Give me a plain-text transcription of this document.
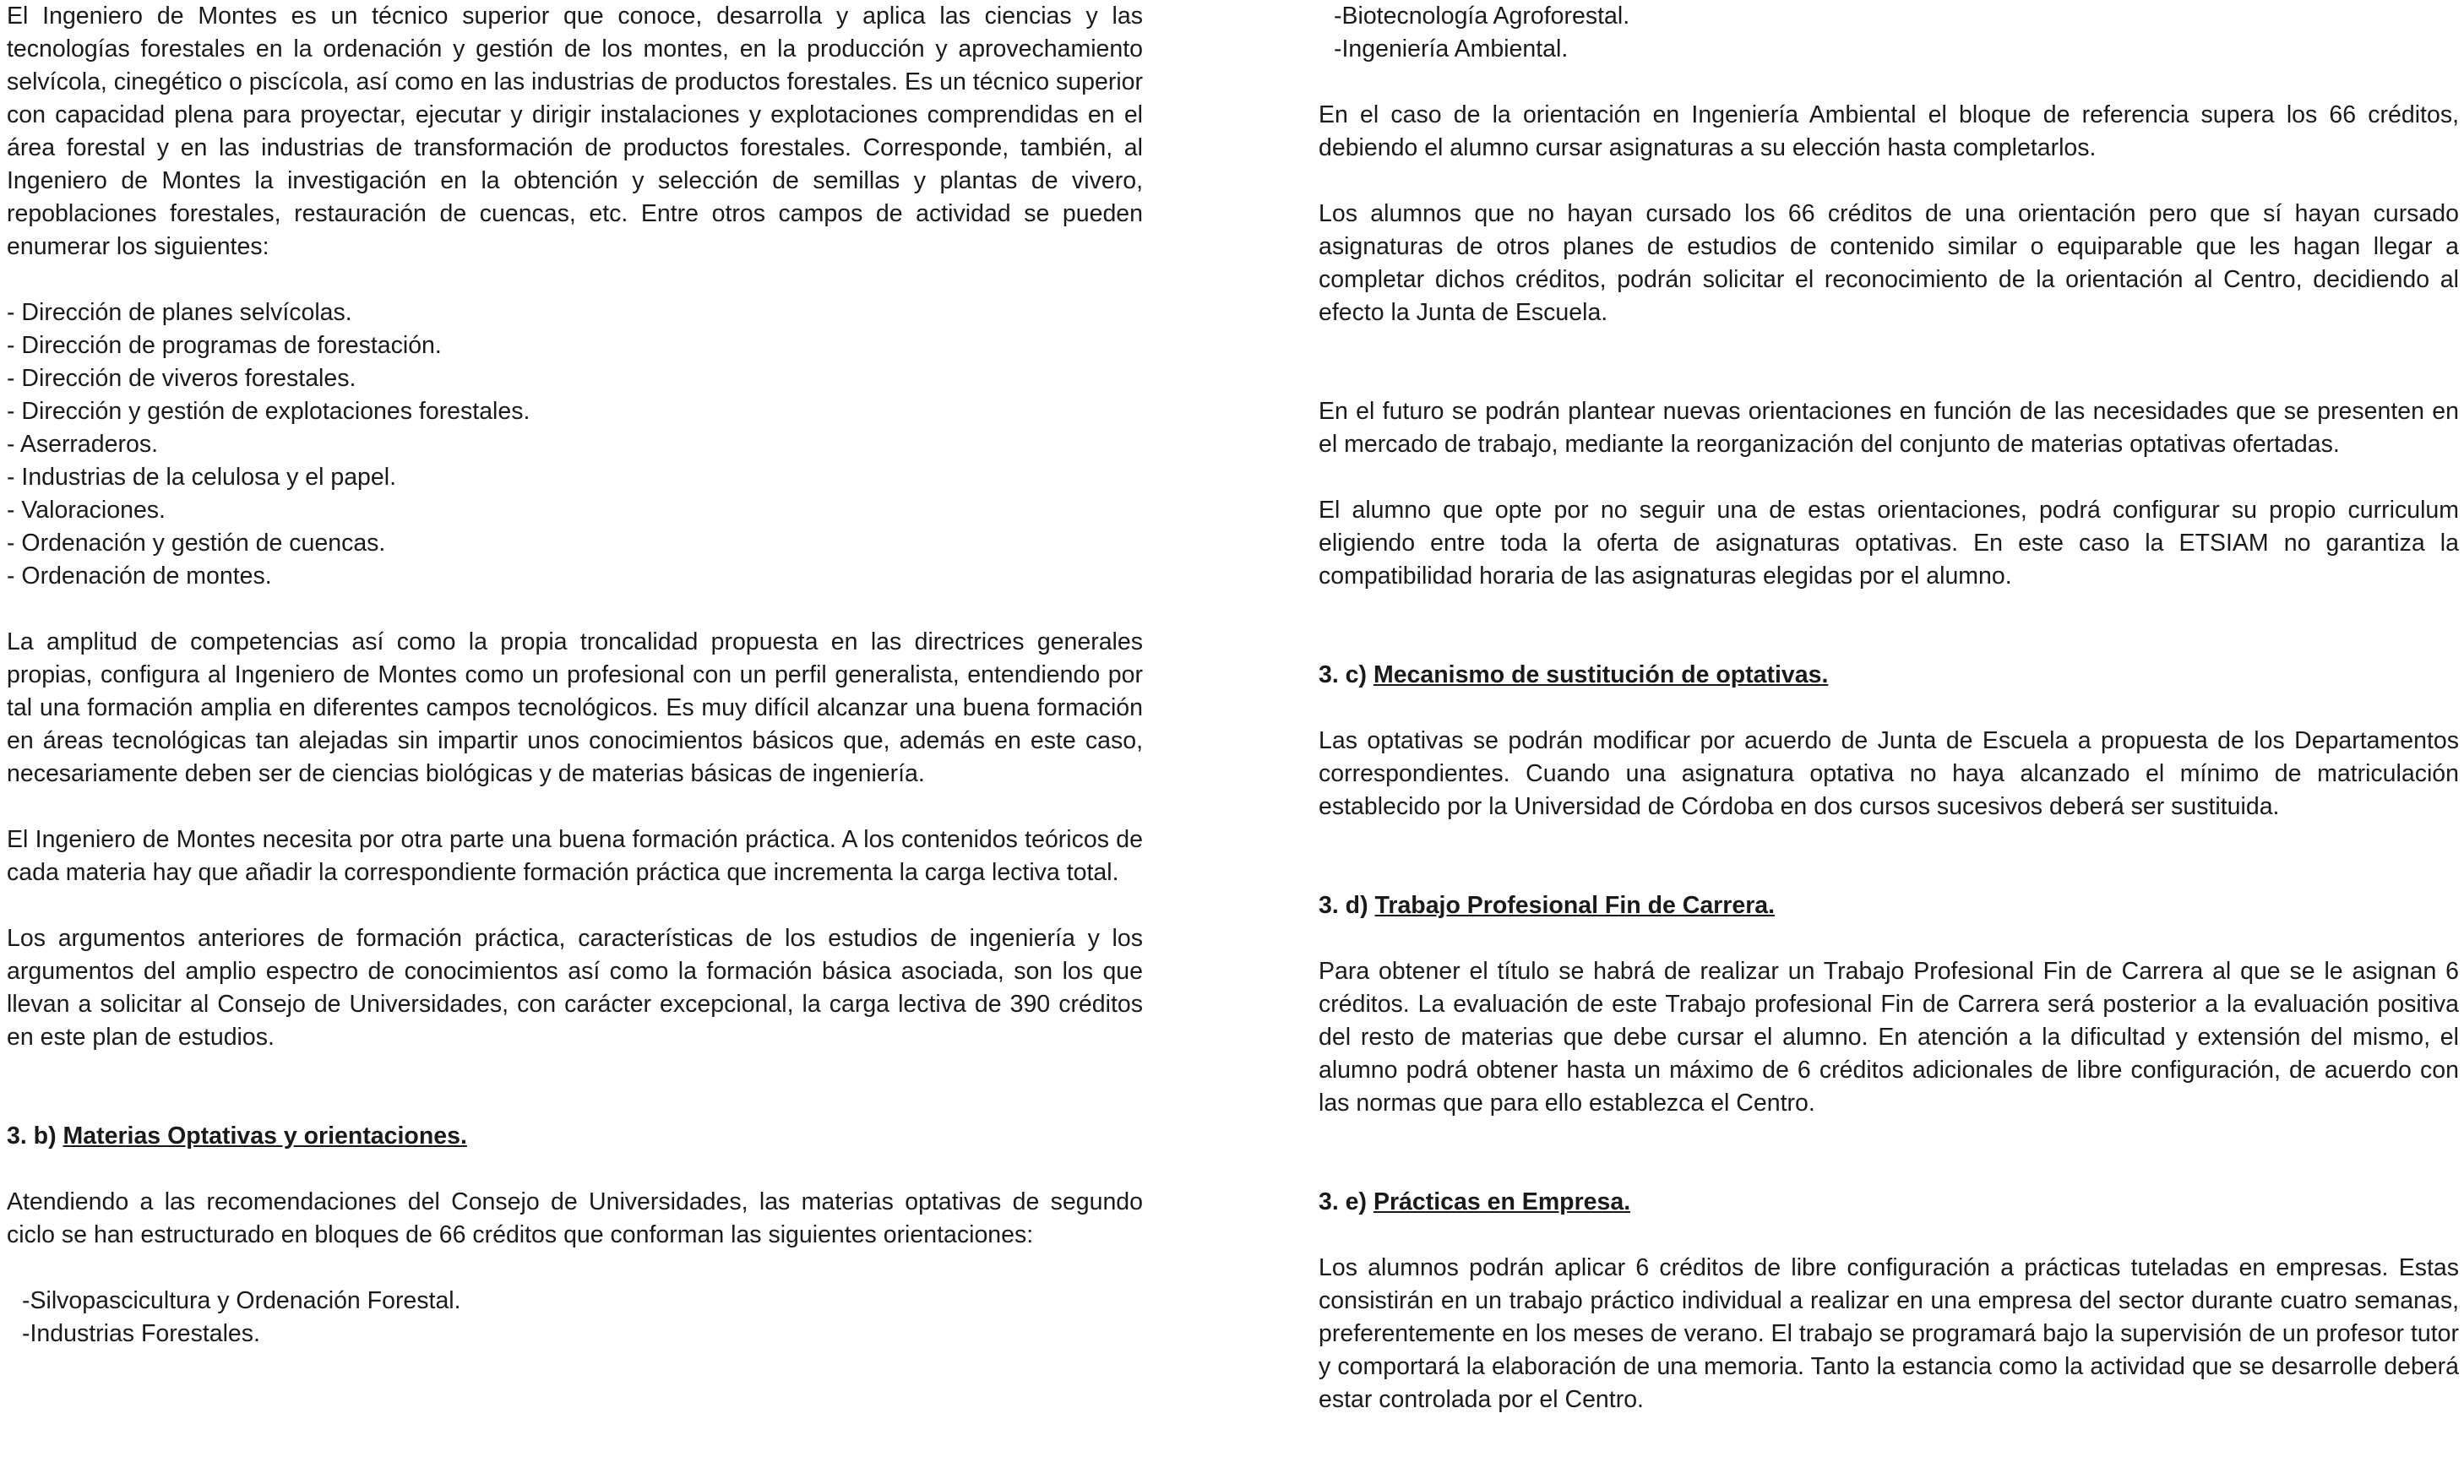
El Ingeniero de Montes es un técnico superior que conoce, desarrolla y aplica las ciencias y las tecnologías forestales en la ordenación y gestión de los montes, en la producción y aprovechamiento selvícola, cinegético o piscícola, así como en las industrias de productos forestales. Es un técnico superior con capacidad plena para proyectar, ejecutar y dirigir instalaciones y explotaciones comprendidas en el área forestal y en las industrias de transformación de productos forestales. Corresponde, también, al Ingeniero de Montes la investigación en la obtención y selección de semillas y plantas de vivero, repoblaciones forestales, restauración de cuencas, etc. Entre otros campos de actividad se pueden enumerar los siguientes:

- Dirección de planes selvícolas.
- Dirección de programas de forestación.
- Dirección de viveros forestales.
- Dirección y gestión de explotaciones forestales.
- Aserraderos.
- Industrias de la celulosa y el papel.
- Valoraciones.
- Ordenación y gestión de cuencas.
- Ordenación de montes.

La amplitud de competencias así como la propia troncalidad propuesta en las directrices generales propias, configura al Ingeniero de Montes como un profesional con un perfil generalista, entendiendo por tal una formación amplia en diferentes campos tecnológicos. Es muy difícil alcanzar una buena formación en áreas tecnológicas tan alejadas sin impartir unos conocimientos básicos que, además en este caso, necesariamente deben ser de ciencias biológicas y de materias básicas de ingeniería.

El Ingeniero de Montes necesita por otra parte una buena formación práctica. A los contenidos teóricos de cada materia hay que añadir la correspondiente formación práctica que incrementa la carga lectiva total.

Los argumentos anteriores de formación práctica, características de los estudios de ingeniería y los argumentos del amplio espectro de conocimientos así como la formación básica asociada, son los que llevan a solicitar al Consejo de Universidades, con carácter excepcional, la carga lectiva de 390 créditos en este plan de estudios.

3. b) Materias Optativas y orientaciones.

Atendiendo a las recomendaciones del Consejo de Universidades, las materias optativas de segundo ciclo se han estructurado en bloques de 66 créditos que conforman las siguientes orientaciones:

-Silvopascicultura y Ordenación Forestal.
-Industrias Forestales.
-Biotecnología Agroforestal.
-Ingeniería Ambiental.

En el caso de la orientación en Ingeniería Ambiental el bloque de referencia supera los 66 créditos, debiendo el alumno cursar asignaturas a su elección hasta completarlos.

Los alumnos que no hayan cursado los 66 créditos de una orientación pero que sí hayan cursado asignaturas de otros planes de estudios de contenido similar o equiparable que les hagan llegar a completar dichos créditos, podrán solicitar el reconocimiento de la orientación al Centro, decidiendo al efecto la Junta de Escuela.

En el futuro se podrán plantear nuevas orientaciones en función de las necesidades que se presenten en el mercado de trabajo, mediante la reorganización del conjunto de materias optativas ofertadas.

El alumno que opte por no seguir una de estas orientaciones, podrá configurar su propio curriculum eligiendo entre toda la oferta de asignaturas optativas. En este caso la ETSIAM no garantiza la compatibilidad horaria de las asignaturas elegidas por el alumno.

3. c) Mecanismo de sustitución de optativas.

Las optativas se podrán modificar por acuerdo de Junta de Escuela a propuesta de los Departamentos correspondientes. Cuando una asignatura optativa no haya alcanzado el mínimo de matriculación establecido por la Universidad de Córdoba en dos cursos sucesivos deberá ser sustituida.

3. d) Trabajo Profesional Fin de Carrera.

Para obtener el título se habrá de realizar un Trabajo Profesional Fin de Carrera al que se le asignan 6 créditos. La evaluación de este Trabajo profesional Fin de Carrera será posterior a la evaluación positiva del resto de materias que debe cursar el alumno. En atención a la dificultad y extensión del mismo, el alumno podrá obtener hasta un máximo de 6 créditos adicionales de libre configuración, de acuerdo con las normas que para ello establezca el Centro.

3. e) Prácticas en Empresa.

Los alumnos podrán aplicar 6 créditos de libre configuración a prácticas tuteladas en empresas. Estas consistirán en un trabajo práctico individual a realizar en una empresa del sector durante cuatro semanas, preferentemente en los meses de verano. El trabajo se programará bajo la supervisión de un profesor tutor y comportará la elaboración de una memoria. Tanto la estancia como la actividad que se desarrolle deberá estar controlada por el Centro.
